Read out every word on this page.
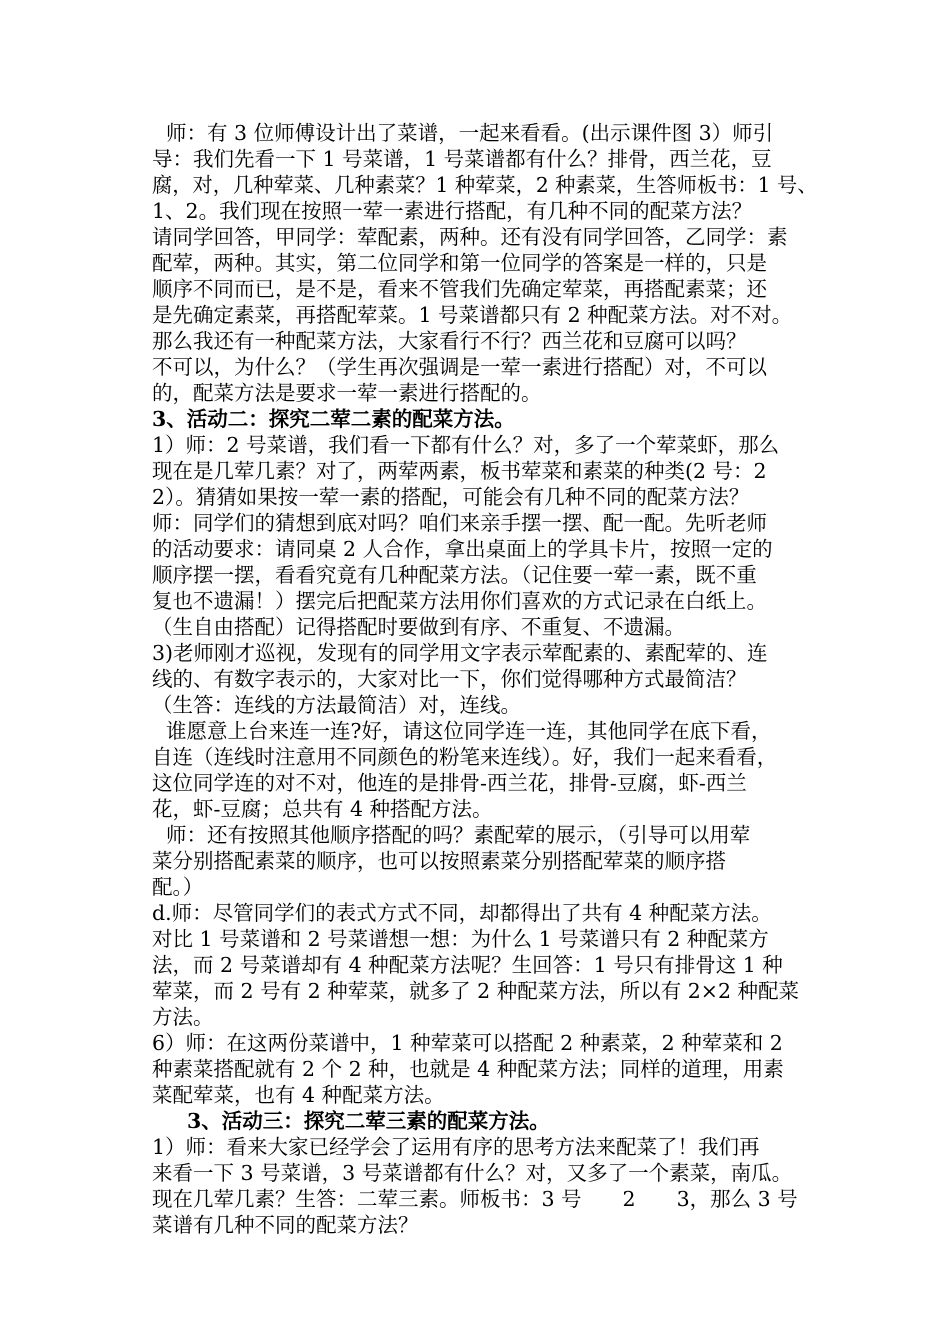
师：有 3 位师傅设计出了菜谱，一起来看看。(出示课件图 3）师引
导：我们先看一下 1 号菜谱，1 号菜谱都有什么？排骨，西兰花，豆
腐，对，几种荤菜、几种素菜？1 种荤菜，2 种素菜，生答师板书：1 号、
1、2。我们现在按照一荤一素进行搭配，有几种不同的配菜方法？
请同学回答，甲同学：荤配素，两种。还有没有同学回答，乙同学：素
配荤，两种。其实，第二位同学和第一位同学的答案是一样的，只是
顺序不同而已，是不是，看来不管我们先确定荤菜，再搭配素菜；还
是先确定素菜，再搭配荤菜。1 号菜谱都只有 2 种配菜方法。对不对。
那么我还有一种配菜方法，大家看行不行？西兰花和豆腐可以吗？
不可以，为什么？（学生再次强调是一荤一素进行搭配）对，不可以
的，配菜方法是要求一荤一素进行搭配的。
3、活动二：探究二荤二素的配菜方法。
1）师：2 号菜谱，我们看一下都有什么？对，多了一个荤菜虾，那么
现在是几荤几素？对了，两荤两素，板书荤菜和素菜的种类(2 号：2
2）。猜猜如果按一荤一素的搭配，可能会有几种不同的配菜方法？
师：同学们的猜想到底对吗？咱们来亲手摆一摆、配一配。先听老师
的活动要求：请同桌 2 人合作，拿出桌面上的学具卡片，按照一定的
顺序摆一摆，看看究竟有几种配菜方法。（记住要一荤一素，既不重
复也不遗漏！）摆完后把配菜方法用你们喜欢的方式记录在白纸上。
（生自由搭配）记得搭配时要做到有序、不重复、不遗漏。
3)老师刚才巡视，发现有的同学用文字表示荤配素的、素配荤的、连
线的、有数字表示的，大家对比一下，你们觉得哪种方式最简洁？
（生答：连线的方法最简洁）对，连线。
谁愿意上台来连一连?好，请这位同学连一连，其他同学在底下看，
自连（连线时注意用不同颜色的粉笔来连线）。好，我们一起来看看，
这位同学连的对不对，他连的是排骨-西兰花，排骨-豆腐，虾-西兰
花，虾-豆腐；总共有 4 种搭配方法。
师：还有按照其他顺序搭配的吗？素配荤的展示，（引导可以用荤
菜分别搭配素菜的顺序，也可以按照素菜分别搭配荤菜的顺序搭
配。）
d.师：尽管同学们的表式方式不同，却都得出了共有 4 种配菜方法。
对比 1 号菜谱和 2 号菜谱想一想：为什么 1 号菜谱只有 2 种配菜方
法，而 2 号菜谱却有 4 种配菜方法呢？生回答：1 号只有排骨这 1 种
荤菜，而 2 号有 2 种荤菜，就多了 2 种配菜方法，所以有 2×2 种配菜
方法。
6）师：在这两份菜谱中，1 种荤菜可以搭配 2 种素菜，2 种荤菜和 2
种素菜搭配就有 2 个 2 种，也就是 4 种配菜方法；同样的道理，用素
菜配荤菜，也有 4 种配菜方法。
3、活动三：探究二荤三素的配菜方法。
1）师：看来大家已经学会了运用有序的思考方法来配菜了！我们再
来看一下 3 号菜谱，3 号菜谱都有什么？对，又多了一个素菜，南瓜。
现在几荤几素？生答：二荤三素。师板书：3 号　　2　　3，那么 3 号
菜谱有几种不同的配菜方法？
